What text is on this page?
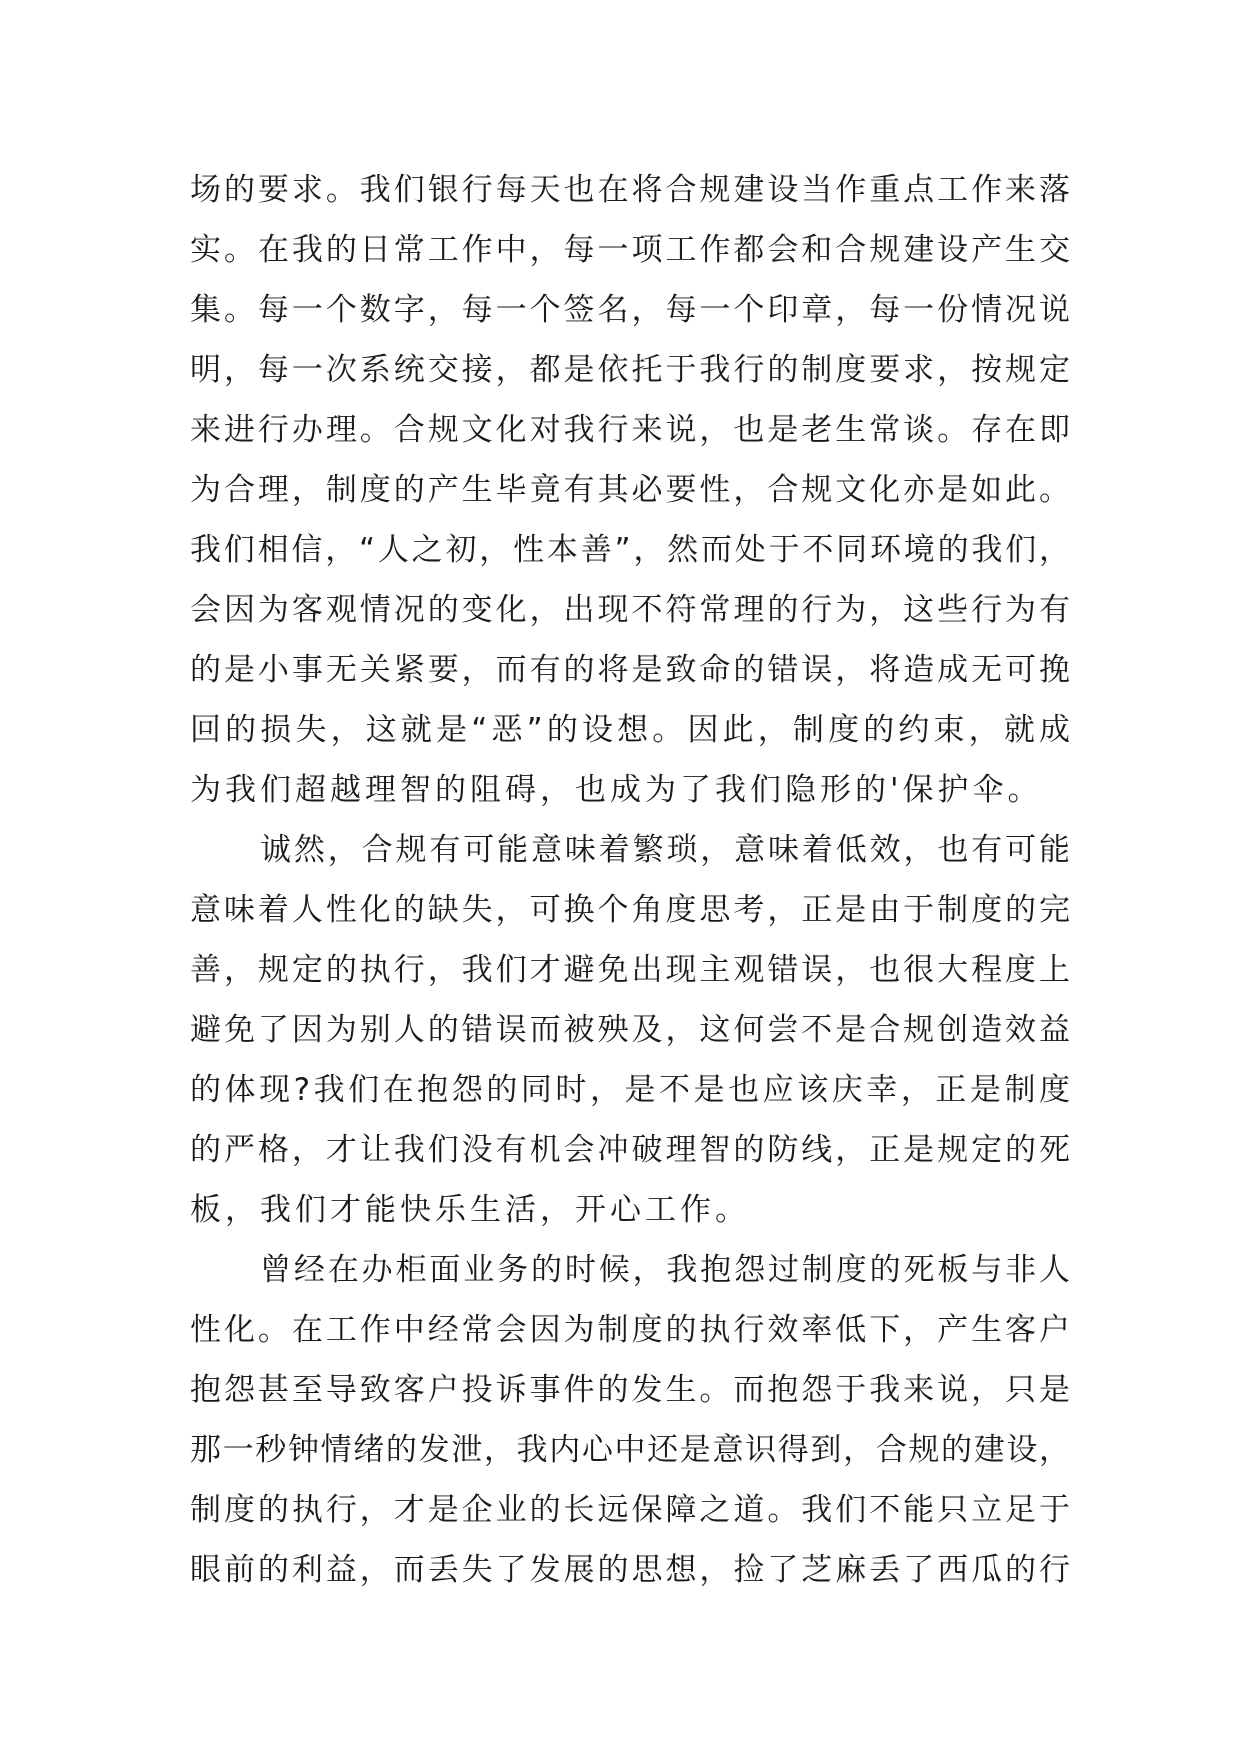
场的要求。我们银行每天也在将合规建设当作重点工作来落
实。在我的日常工作中，每一项工作都会和合规建设产生交
集。每一个数字，每一个签名，每一个印章，每一份情况说
明，每一次系统交接，都是依托于我行的制度要求，按规定
来进行办理。合规文化对我行来说，也是老生常谈。存在即
为合理，制度的产生毕竟有其必要性，合规文化亦是如此。
我们相信，“人之初，性本善”，然而处于不同环境的我们，
会因为客观情况的变化，出现不符常理的行为，这些行为有
的是小事无关紧要，而有的将是致命的错误，将造成无可挽
回的损失，这就是“恶”的设想。因此，制度的约束，就成
为我们超越理智的阻碍，也成为了我们隐形的'保护伞。
诚然，合规有可能意味着繁琐，意味着低效，也有可能
意味着人性化的缺失，可换个角度思考，正是由于制度的完
善，规定的执行，我们才避免出现主观错误，也很大程度上
避免了因为别人的错误而被殃及，这何尝不是合规创造效益
的体现?我们在抱怨的同时，是不是也应该庆幸，正是制度
的严格，才让我们没有机会冲破理智的防线，正是规定的死
板，我们才能快乐生活，开心工作。
曾经在办柜面业务的时候，我抱怨过制度的死板与非人
性化。在工作中经常会因为制度的执行效率低下，产生客户
抱怨甚至导致客户投诉事件的发生。而抱怨于我来说，只是
那一秒钟情绪的发泄，我内心中还是意识得到，合规的建设，
制度的执行，才是企业的长远保障之道。我们不能只立足于
眼前的利益，而丢失了发展的思想，捡了芝麻丢了西瓜的行
